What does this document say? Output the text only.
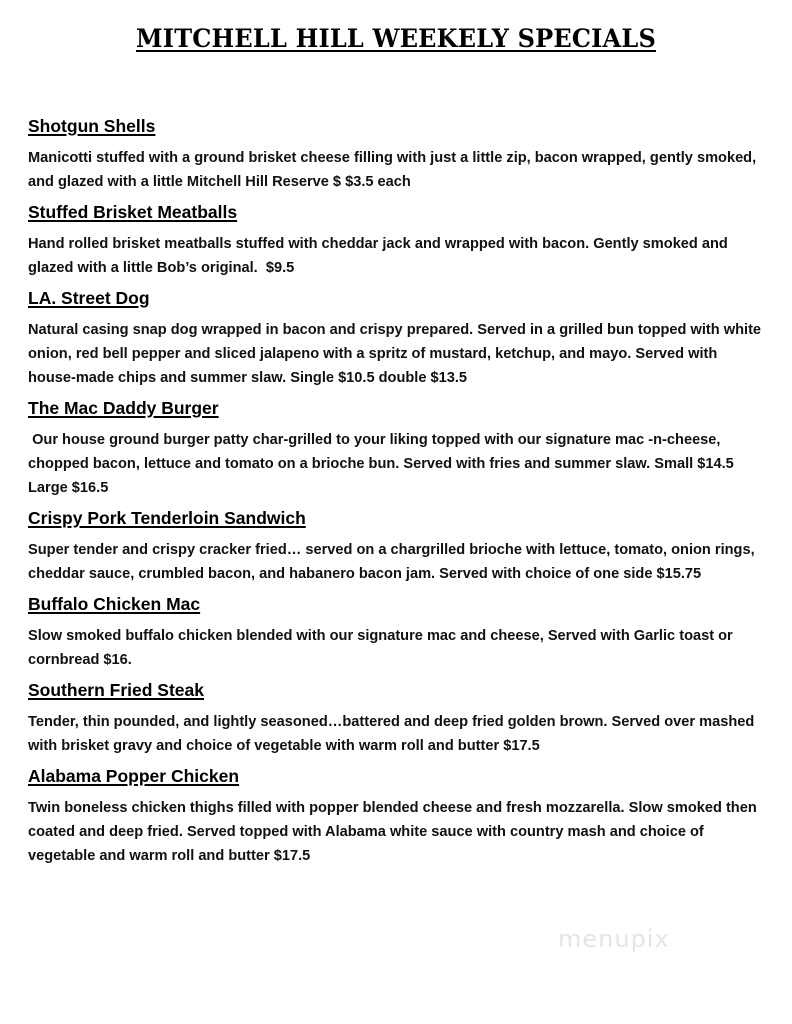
MITCHELL HILL WEEKELY SPECIALS
Shotgun Shells
Manicotti stuffed with a ground brisket cheese filling with just a little zip, bacon wrapped, gently smoked, and glazed with a little Mitchell Hill Reserve $ $3.5 each
Stuffed Brisket Meatballs
Hand rolled brisket meatballs stuffed with cheddar jack and wrapped with bacon. Gently smoked and glazed with a little Bob’s original.  $9.5
LA. Street Dog
Natural casing snap dog wrapped in bacon and crispy prepared. Served in a grilled bun topped with white onion, red bell pepper and sliced jalapeno with a spritz of mustard, ketchup, and mayo. Served with house-made chips and summer slaw. Single $10.5 double $13.5
The Mac Daddy Burger
Our house ground burger patty char-grilled to your liking topped with our signature mac -n-cheese, chopped bacon, lettuce and tomato on a brioche bun. Served with fries and summer slaw. Small $14.5 Large $16.5
Crispy Pork Tenderloin Sandwich
Super tender and crispy cracker fried… served on a chargrilled brioche with lettuce, tomato, onion rings, cheddar sauce, crumbled bacon, and habanero bacon jam. Served with choice of one side $15.75
Buffalo Chicken Mac
Slow smoked buffalo chicken blended with our signature mac and cheese, Served with Garlic toast or cornbread $16.
Southern Fried Steak
Tender, thin pounded, and lightly seasoned…battered and deep fried golden brown. Served over mashed with brisket gravy and choice of vegetable with warm roll and butter $17.5
Alabama Popper Chicken
Twin boneless chicken thighs filled with popper blended cheese and fresh mozzarella. Slow smoked then coated and deep fried. Served topped with Alabama white sauce with country mash and choice of vegetable and warm roll and butter $17.5
menupix
